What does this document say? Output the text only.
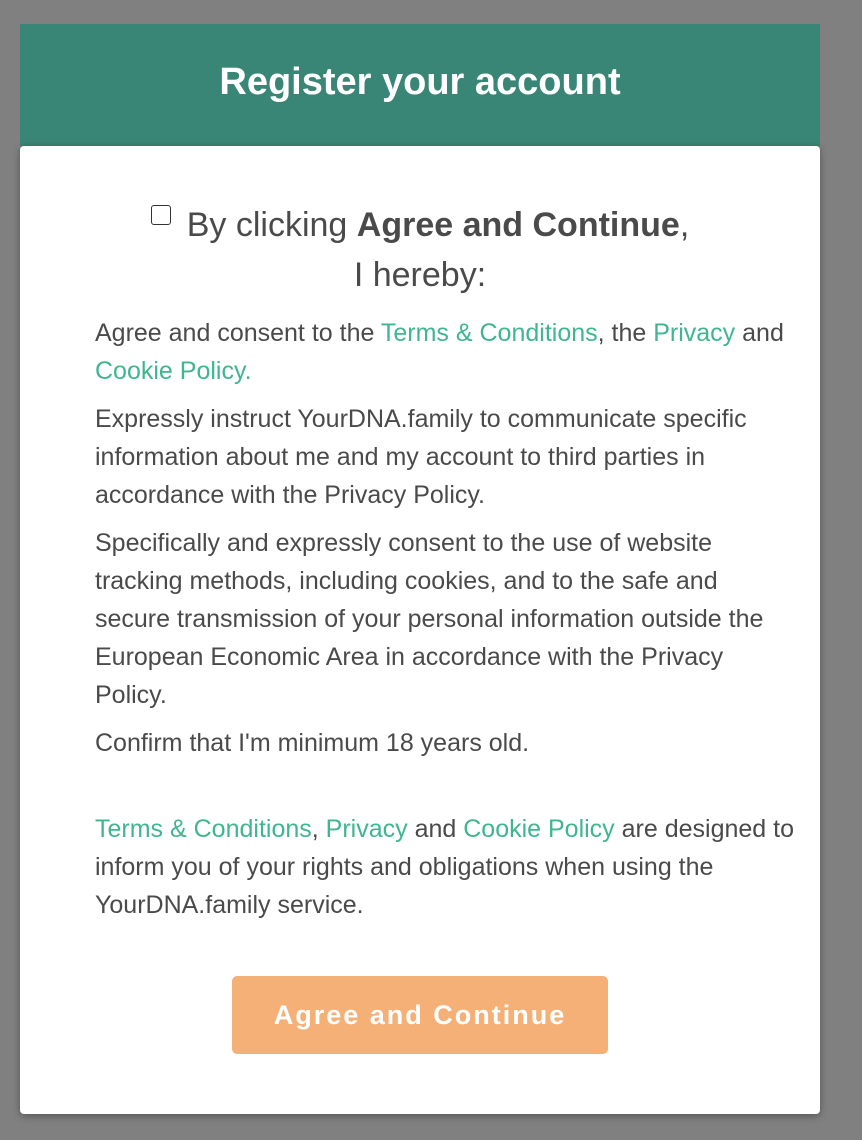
Register your account
By clicking Agree and Continue,
I hereby:
Agree and consent to the Terms & Conditions, the Privacy and Cookie Policy.
Expressly instruct YourDNA.family to communicate specific information about me and my account to third parties in accordance with the Privacy Policy.
Specifically and expressly consent to the use of website tracking methods, including cookies, and to the safe and secure transmission of your personal information outside the European Economic Area in accordance with the Privacy Policy.
Confirm that I'm minimum 18 years old.
Terms & Conditions, Privacy and Cookie Policy are designed to inform you of your rights and obligations when using the YourDNA.family service.
Agree and Continue
